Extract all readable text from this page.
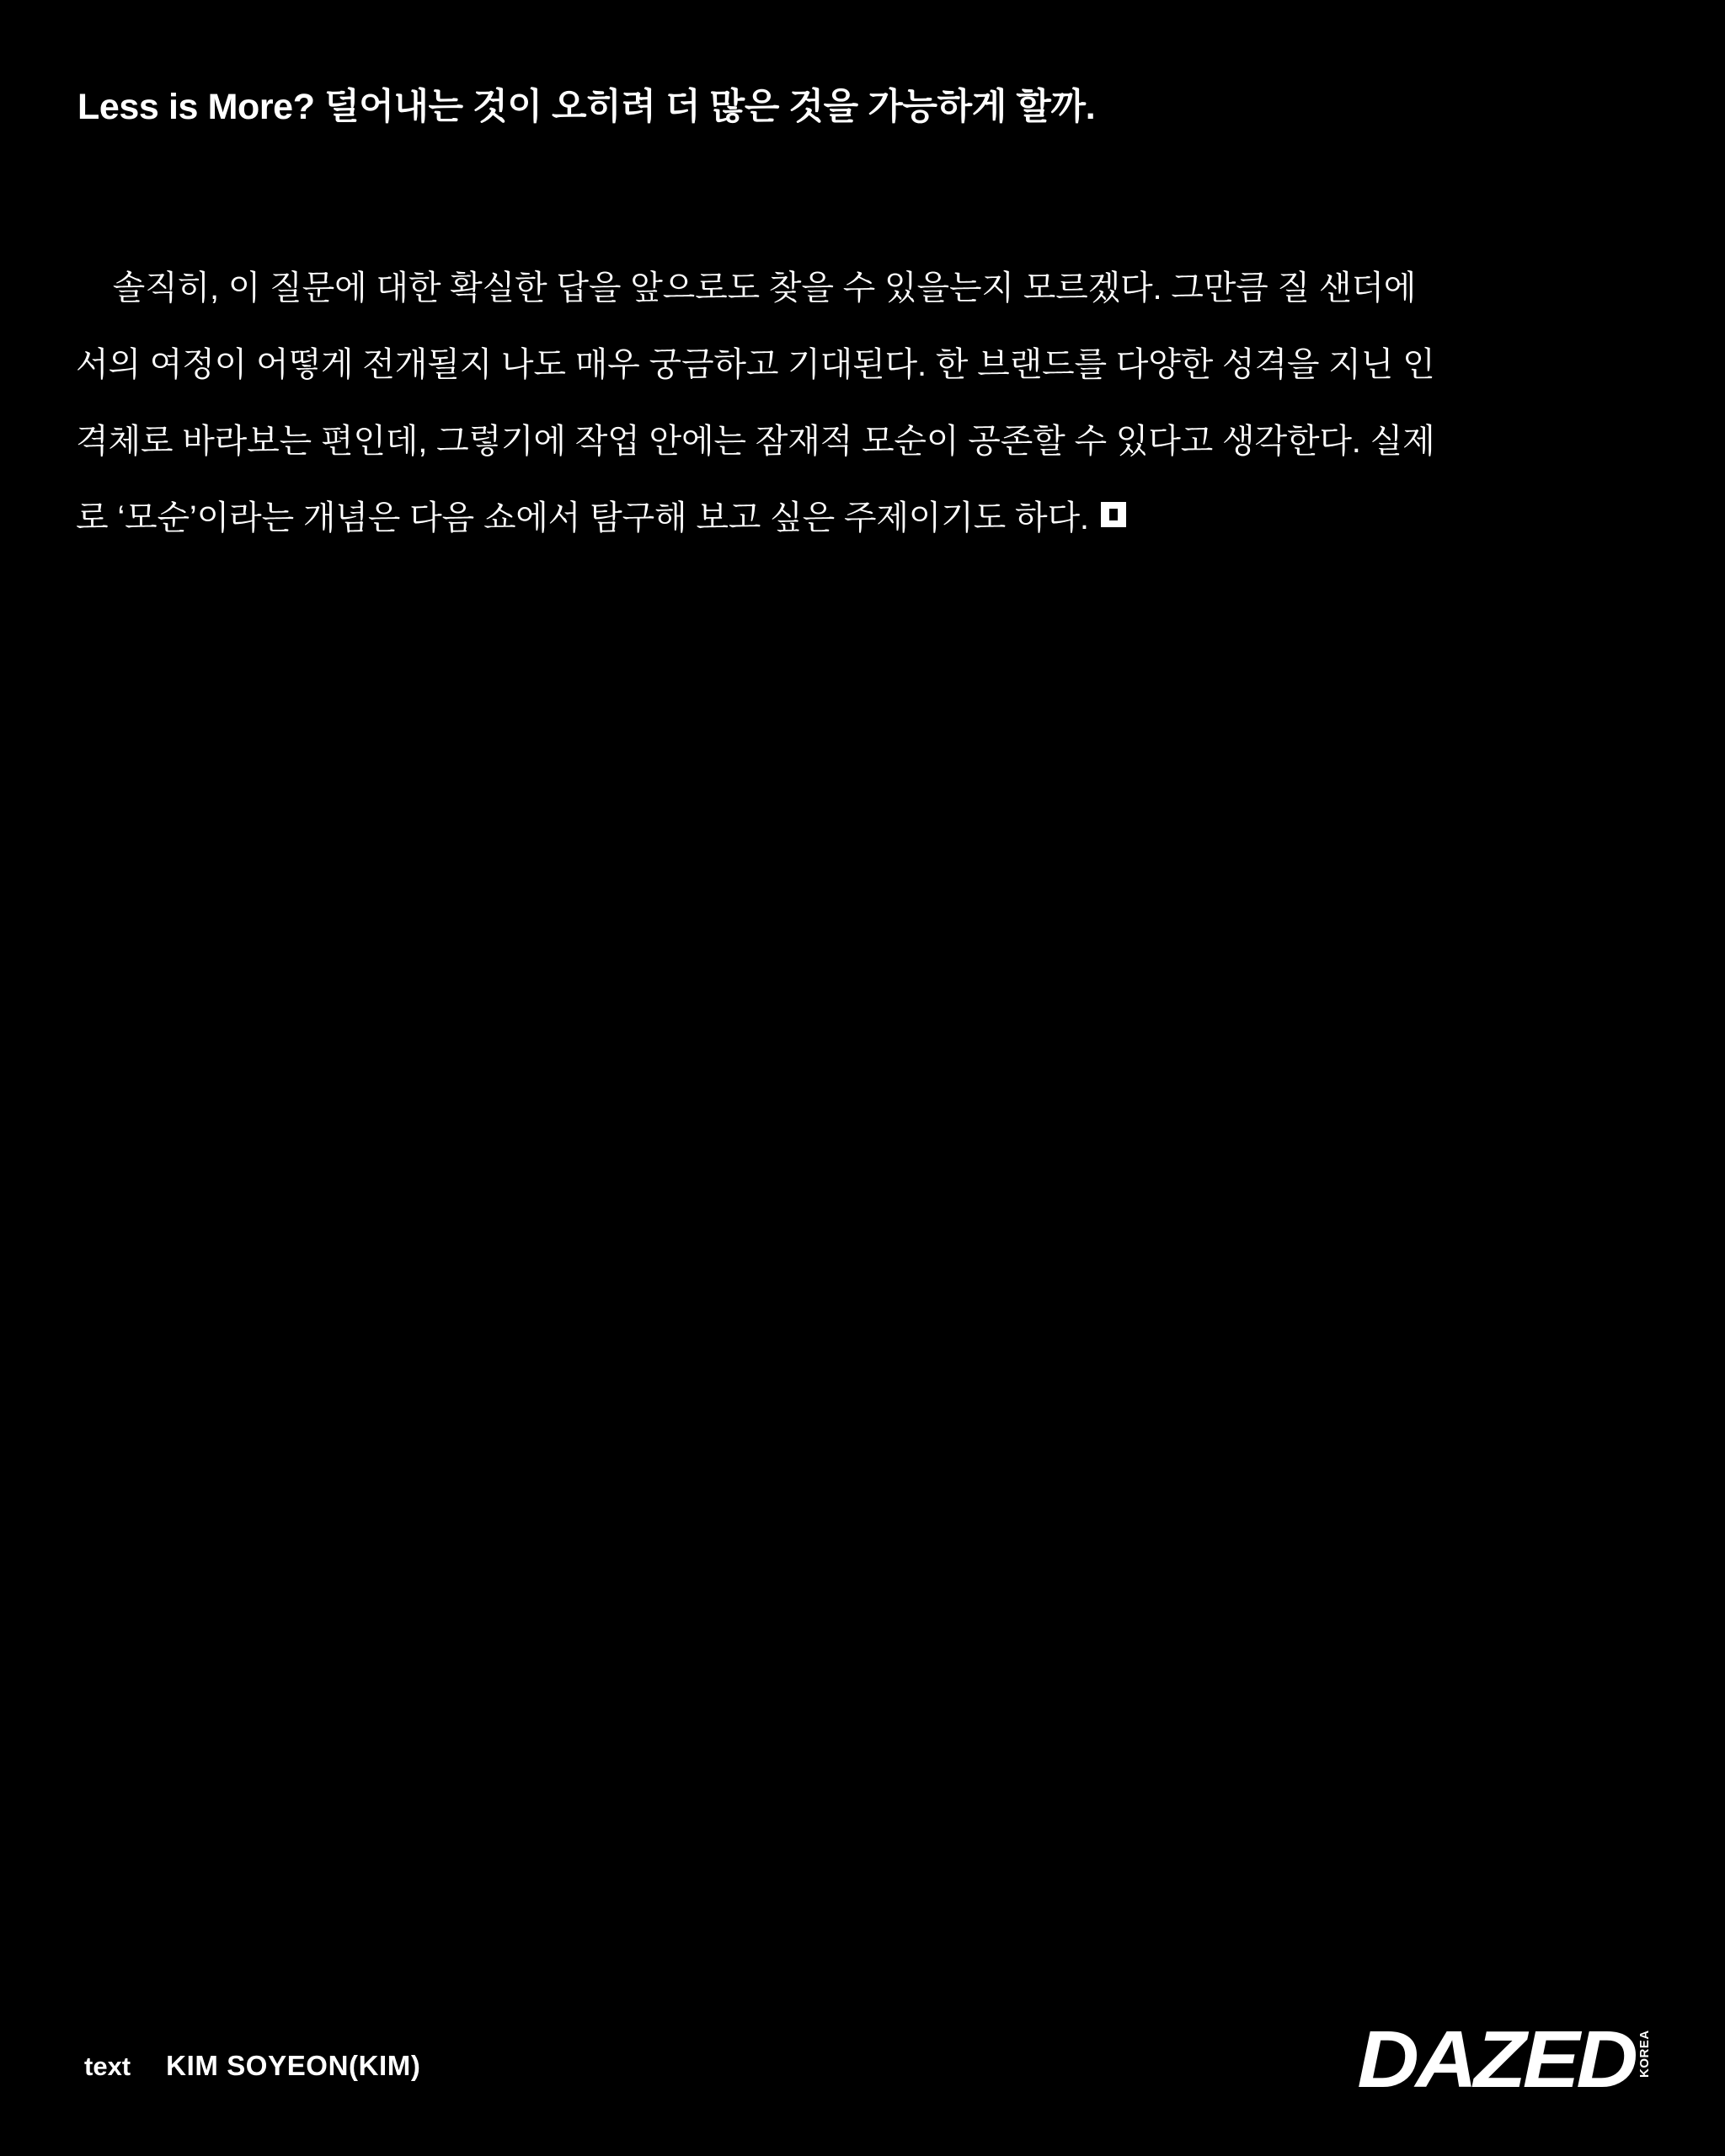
Less is More? 덜어내는 것이 오히려 더 많은 것을 가능하게 할까.

솔직히, 이 질문에 대한 확실한 답을 앞으로도 찾을 수 있을는지 모르겠다. 그만큼 질 샌더에서의 여정이 어떻게 전개될지 나도 매우 궁금하고 기대된다. 한 브랜드를 다양한 성격을 지닌 인격체로 바라보는 편인데, 그렇기에 작업 안에는 잠재적 모순이 공존할 수 있다고 생각한다. 실제로 ‘모순’이라는 개념은 다음 쇼에서 탐구해 보고 싶은 주제이기도 하다.

text KIM SOYEON(KIM)	DAZED KOREA
